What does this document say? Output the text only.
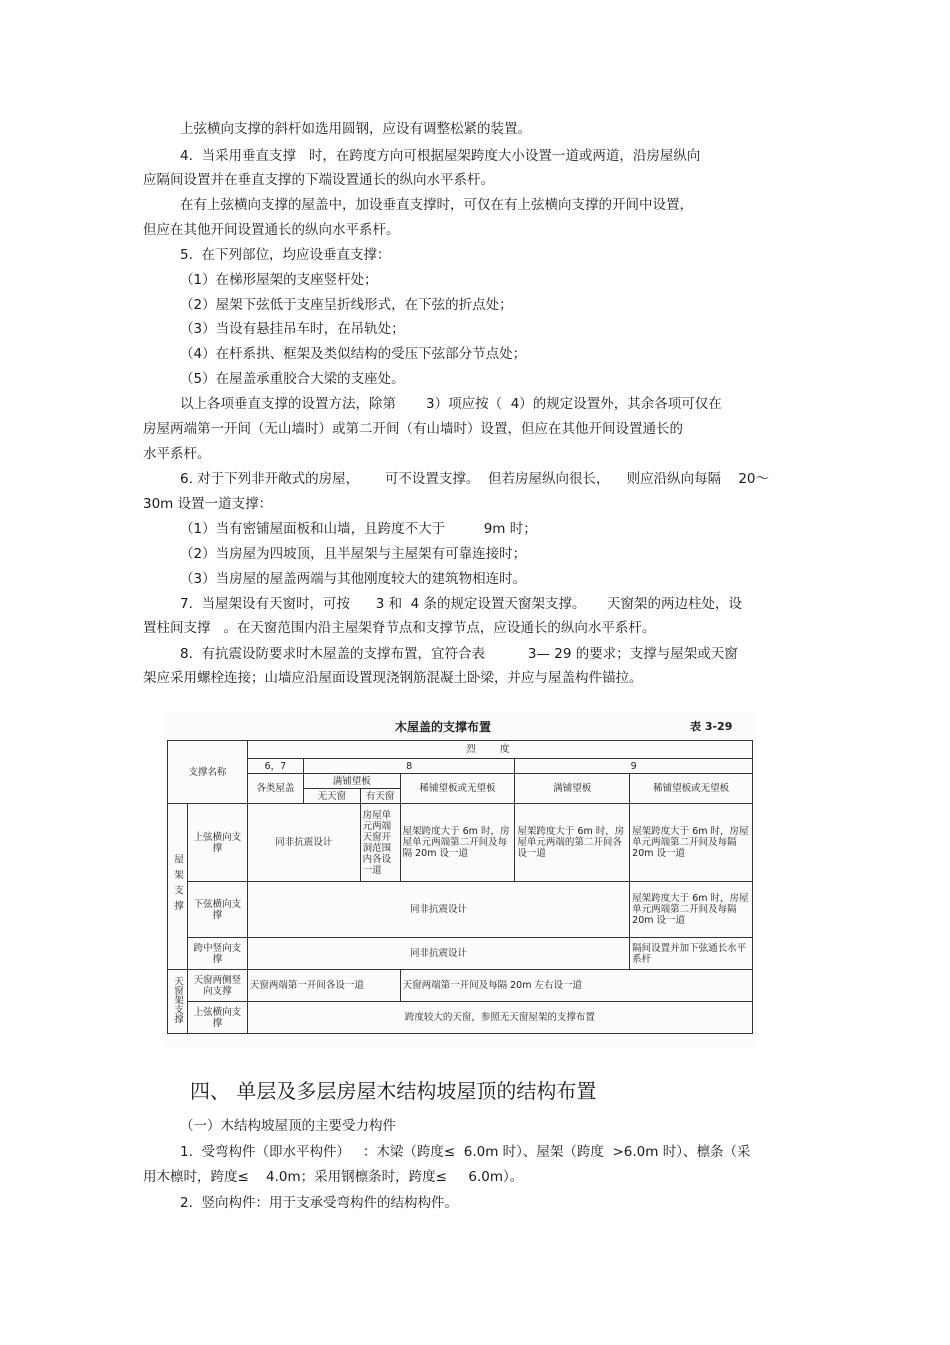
上弦横向支撑的斜杆如选用圆钢，应设有调整松紧的装置。
4.  当采用垂直支撑   时，在跨度方向可根据屋架跨度大小设置一道或两道，沿房屋纵向
应隔间设置并在垂直支撑的下端设置通长的纵向水平系杆。
在有上弦横向支撑的屋盖中，加设垂直支撑时，可仅在有上弦横向支撑的开间中设置，
但应在其他开间设置通长的纵向水平系杆。
5.  在下列部位，均应设垂直支撑：
（1）在梯形屋架的支座竖杆处；
（2）屋架下弦低于支座呈折线形式，在下弦的折点处；
（3）当设有悬挂吊车时，在吊轨处；
（4）在杆系拱、框架及类似结构的受压下弦部分节点处；
（5）在屋盖承重胶合大梁的支座处。
以上各项垂直支撑的设置方法，除第       3）项应按（  4）的规定设置外，其余各项可仅在
房屋两端第一开间（无山墙时）或第二开间（有山墙时）设置，但应在其他开间设置通长的
水平系杆。
6. 对于下列非开敞式的房屋，      可不设置支撑。  但若房屋纵向很长，    则应沿纵向每隔    20～
30m 设置一道支撑：
（1）当有密铺屋面板和山墙，且跨度不大于         9m 时；
（2）当房屋为四坡顶，且半屋架与主屋架有可靠连接时；
（3）当房屋的屋盖两端与其他刚度较大的建筑物相连时。
7.  当屋架设有天窗时，可按      3 和  4 条的规定设置天窗架支撑。     天窗架的两边柱处，设
置柱间支撑   。在天窗范围内沿主屋架脊节点和支撑节点，应设通长的纵向水平系杆。
8.  有抗震设防要求时木屋盖的支撑布置，宜符合表          3— 29 的要求；支撑与屋架或天窗
架应采用螺栓连接；山墙应沿屋面设置现浇钢筋混凝土卧梁，并应与屋盖构件锚拉。
木屋盖的支撑布置	表 3-29
支撑名称		烈度					
		6，7	8			9	
		各类屋盖	满铺望板		稀铺望板或无望板	满铺望板	稀铺望板或无望板
			无天窗	有天窗			
屋架支撑	上弦横向支撑	同非抗震设计		房屋单元两端天窗开洞范围内各设一道	屋架跨度大于 6m 时，房屋单元两端第二开间及每隔 20m 设一道	屋架跨度大于 6m 时，房屋单元两端的第二开间各设一道	屋架跨度大于 6m 时，房屋单元两端第二开间及每隔 20m 设一道
	下弦横向支撑	同非抗震设计					屋架跨度大于 6m 时，房屋单元两端第二开间及每隔 20m 设一道
	跨中竖向支撑	同非抗震设计					隔间设置并加下弦通长水平系杆
天窗架支撑	天窗两侧竖向支撑	天窗两端第一开间各设一道			天窗两端第一开间及每隔 20m 左右设一道		
	上弦横向支撑	跨度较大的天窗，参照无天窗屋架的支撑布置					
四、 单层及多层房屋木结构坡屋顶的结构布置
（一）木结构坡屋顶的主要受力构件
1.  受弯构件（即水平构件）   ：木梁（跨度≤  6.0m 时）、屋架（跨度  >6.0m 时）、檩条（采
用木檩时，跨度≤    4.0m；采用钢檩条时，跨度≤     6.0m）。
2.  竖向构件：用于支承受弯构件的结构构件。
